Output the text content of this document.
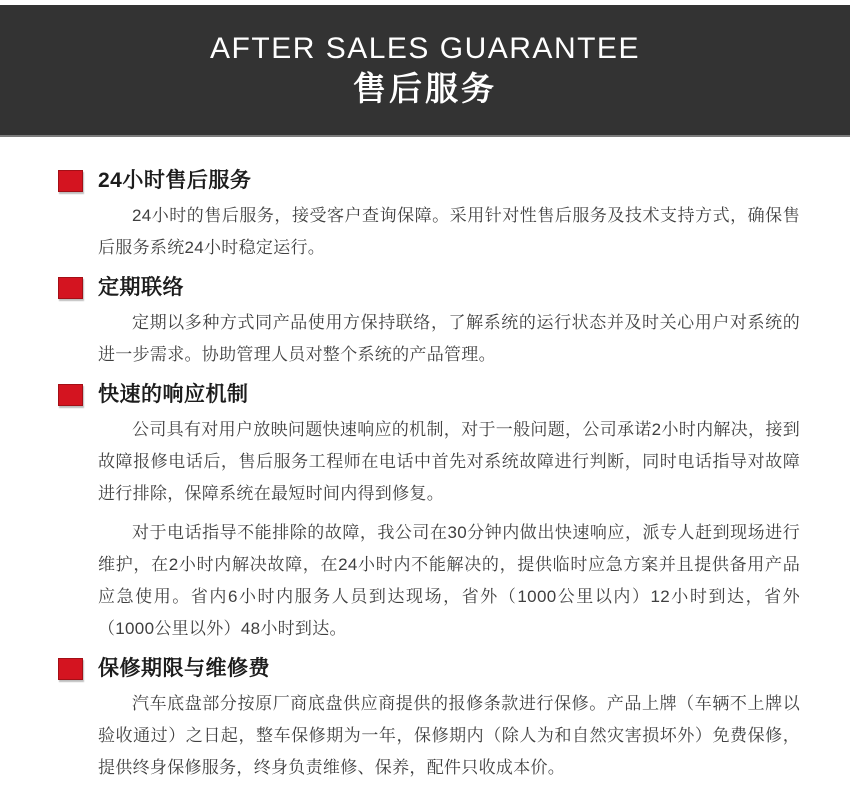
AFTER SALES GUARANTEE
售后服务
24小时售后服务

24小时的售后服务，接受客户查询保障。采用针对性售后服务及技术支持方式，确保售后服务系统24小时稳定运行。

定期联络

定期以多种方式同产品使用方保持联络，了解系统的运行状态并及时关心用户对系统的进一步需求。协助管理人员对整个系统的产品管理。

快速的响应机制

公司具有对用户放映问题快速响应的机制，对于一般问题，公司承诺2小时内解决，接到故障报修电话后，售后服务工程师在电话中首先对系统故障进行判断，同时电话指导对故障进行排除，保障系统在最短时间内得到修复。

对于电话指导不能排除的故障，我公司在30分钟内做出快速响应，派专人赶到现场进行维护，在2小时内解决故障，在24小时内不能解决的，提供临时应急方案并且提供备用产品应急使用。省内6小时内服务人员到达现场，省外（1000公里以内）12小时到达，省外（1000公里以外）48小时到达。

保修期限与维修费

汽车底盘部分按原厂商底盘供应商提供的报修条款进行保修。产品上牌（车辆不上牌以验收通过）之日起，整车保修期为一年，保修期内（除人为和自然灾害损坏外）免费保修，提供终身保修服务，终身负责维修、保养，配件只收成本价。
